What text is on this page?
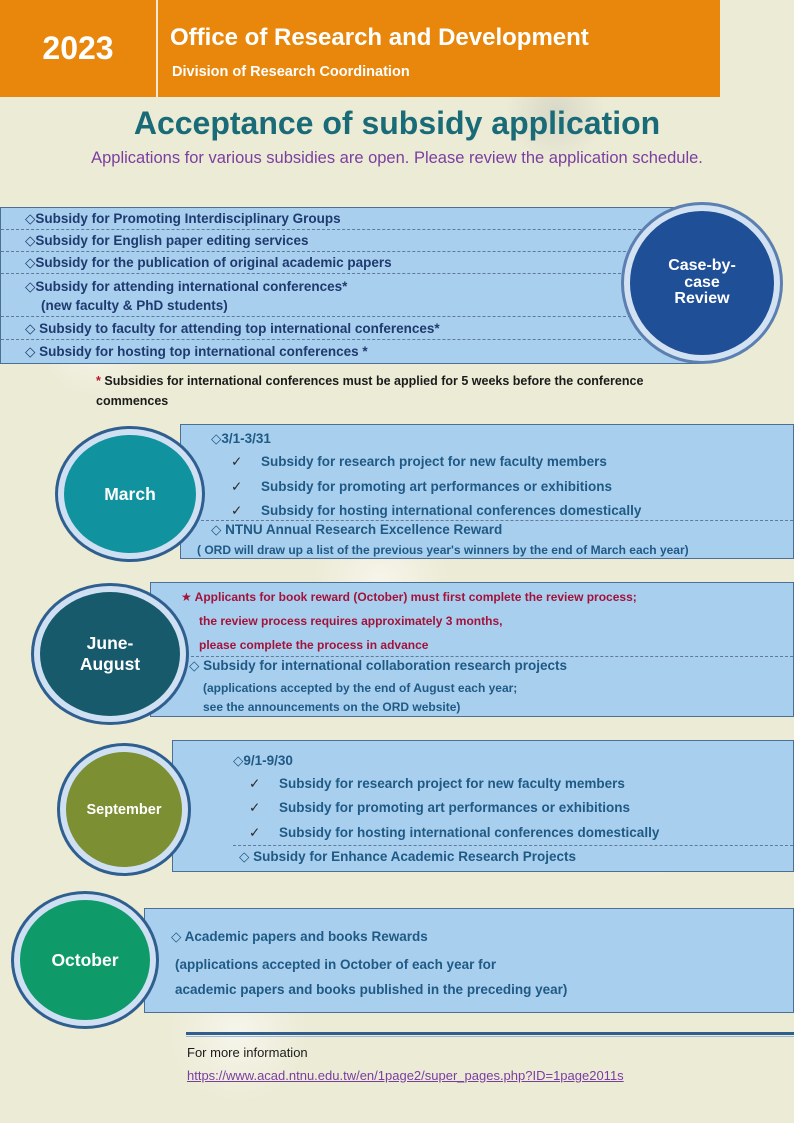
2023	Office of Research and Development
Division of Research Coordination
Acceptance of subsidy application
Applications for various subsidies are open. Please review the application schedule.
◇Subsidy for Promoting Interdisciplinary Groups
◇Subsidy for English paper editing services
◇Subsidy for the publication of original academic papers
◇Subsidy for attending international conferences*
(new faculty & PhD students)
◇ Subsidy to faculty for attending top international conferences*
◇ Subsidy for hosting top international conferences *
Case-by-
case
Review
* Subsidies for international conferences must be applied for 5 weeks before the conference commences
◇3/1-3/31
✓ Subsidy for research project for new faculty members
✓ Subsidy for promoting art performances or exhibitions
✓ Subsidy for hosting international conferences domestically
◇ NTNU Annual Research Excellence Reward
( ORD will draw up a list of the previous year's winners by the end of March each year)
March
★ Applicants for book reward (October) must first complete the review process;
the review process requires approximately 3 months,
please complete the process in advance
◇ Subsidy for international collaboration research projects
(applications accepted by the end of August each year;
see the announcements on the ORD website)
June-
August
◇9/1-9/30
✓ Subsidy for research project for new faculty members
✓ Subsidy for promoting art performances or exhibitions
✓ Subsidy for hosting international conferences domestically
◇ Subsidy for Enhance Academic Research Projects
September
◇ Academic papers and books Rewards
(applications accepted in October of each year for
academic papers and books published in the preceding year)
October
For more information
https://www.acad.ntnu.edu.tw/en/1page2/super_pages.php?ID=1page2011s
